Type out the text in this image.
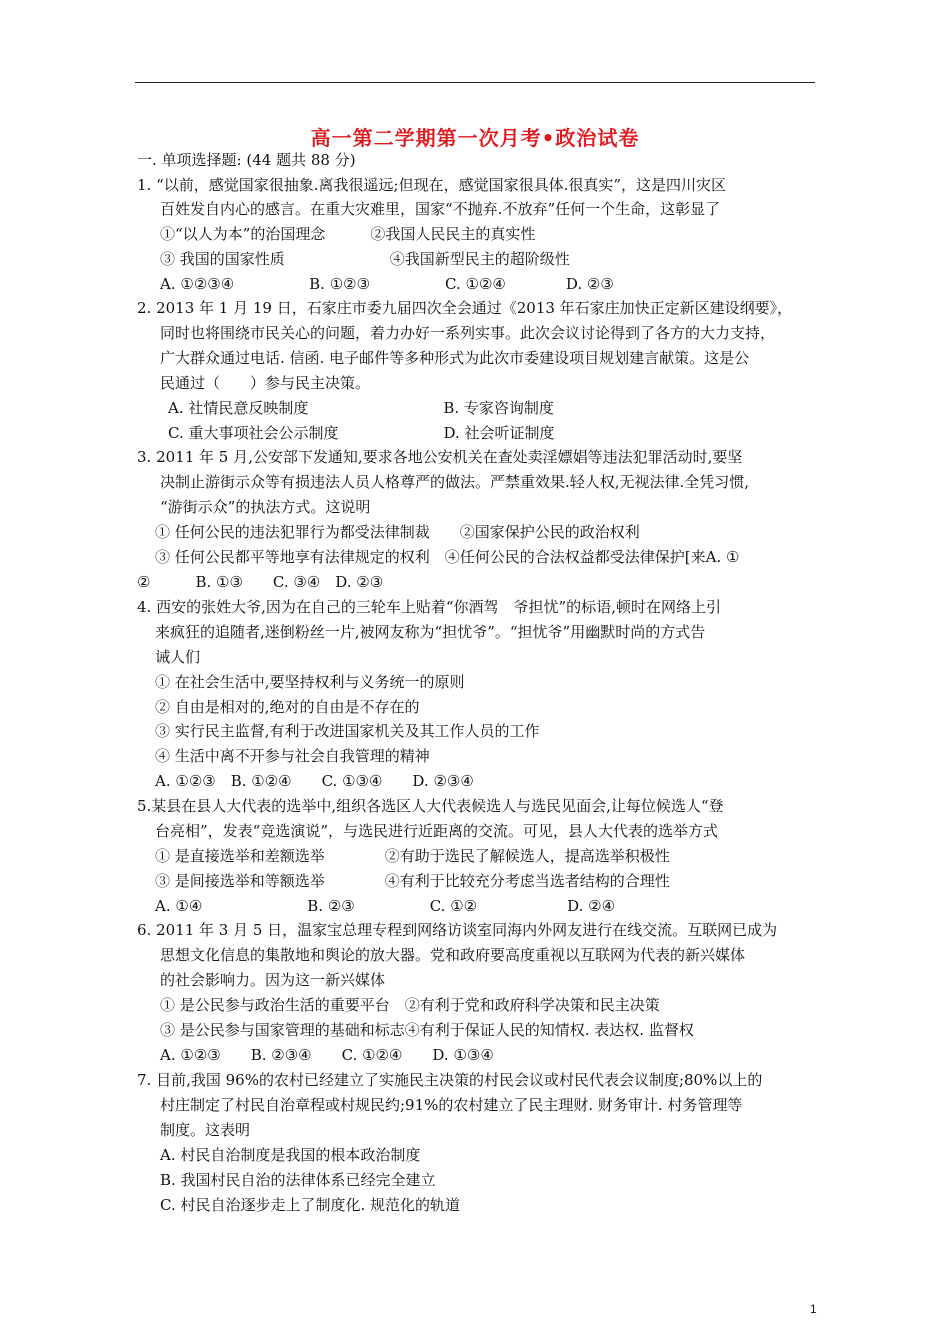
高一第二学期第一次月考•政治试卷
一. 单项选择题: (44 题共 88 分)
1. “以前，感觉国家很抽象.离我很遥远;但现在，感觉国家很具体.很真实”，这是四川灾区
百姓发自内心的感言。在重大灾难里，国家“不抛弃.不放弃”任何一个生命，这彰显了
①“以人为本”的治国理念　　　②我国人民民主的真实性
③ 我国的国家性质　　　　　　　④我国新型民主的超阶级性
A. ①②③④　　　　　B. ①②③　　　　　C. ①②④　　　　D. ②③
2. 2013 年 1 月 19 日，石家庄市委九届四次全会通过《2013 年石家庄加快正定新区建设纲要》，
同时也将围绕市民关心的问题，着力办好一系列实事。此次会议讨论得到了各方的大力支持，
广大群众通过电话. 信函. 电子邮件等多种形式为此次市委建设项目规划建言献策。这是公
民通过（　　）参与民主决策。
A. 社情民意反映制度　　　　　　　　　B. 专家咨询制度
C. 重大事项社会公示制度　　　　　　　D. 社会听证制度
3. 2011 年 5 月,公安部下发通知,要求各地公安机关在查处卖淫嫖娼等违法犯罪活动时,要坚
决制止游街示众等有损违法人员人格尊严的做法。严禁重效果.轻人权,无视法律.全凭习惯,
“游街示众”的执法方式。这说明
① 任何公民的违法犯罪行为都受法律制裁　　②国家保护公民的政治权利
③ 任何公民都平等地享有法律规定的权利　④任何公民的合法权益都受法律保护[来A. ①
②　　　B. ①③　　C. ③④　D. ②③
4. 西安的张姓大爷,因为在自己的三轮车上贴着“你酒驾　爷担忧”的标语,顿时在网络上引
来疯狂的追随者,迷倒粉丝一片,被网友称为“担忧爷”。“担忧爷”用幽默时尚的方式告
诫人们
① 在社会生活中,要坚持权利与义务统一的原则
② 自由是相对的,绝对的自由是不存在的
③ 实行民主监督,有利于改进国家机关及其工作人员的工作
④ 生活中离不开参与社会自我管理的精神
A. ①②③　B. ①②④　　C. ①③④　　D. ②③④
5.某县在县人大代表的选举中,组织各选区人大代表候选人与选民见面会,让每位候选人“登
台亮相”，发表“竞选演说”，与选民进行近距离的交流。可见，县人大代表的选举方式
① 是直接选举和差额选举　　　　②有助于选民了解候选人，提高选举积极性
③ 是间接选举和等额选举　　　　④有利于比较充分考虑当选者结构的合理性
A. ①④　　　　　　　B. ②③　　　　　C. ①②　　　　　　D. ②④
6. 2011 年 3 月 5 日，温家宝总理专程到网络访谈室同海内外网友进行在线交流。互联网已成为
思想文化信息的集散地和舆论的放大器。党和政府要高度重视以互联网为代表的新兴媒体
的社会影响力。因为这一新兴媒体
① 是公民参与政治生活的重要平台　②有利于党和政府科学决策和民主决策
③ 是公民参与国家管理的基础和标志④有利于保证人民的知情权. 表达权. 监督权
A. ①②③　　B. ②③④　　C. ①②④　　D. ①③④
7. 目前,我国 96%的农村已经建立了实施民主决策的村民会议或村民代表会议制度;80%以上的
村庄制定了村民自治章程或村规民约;91%的农村建立了民主理财. 财务审计. 村务管理等
制度。这表明
A. 村民自治制度是我国的根本政治制度
B. 我国村民自治的法律体系已经完全建立
C. 村民自治逐步走上了制度化. 规范化的轨道
1
